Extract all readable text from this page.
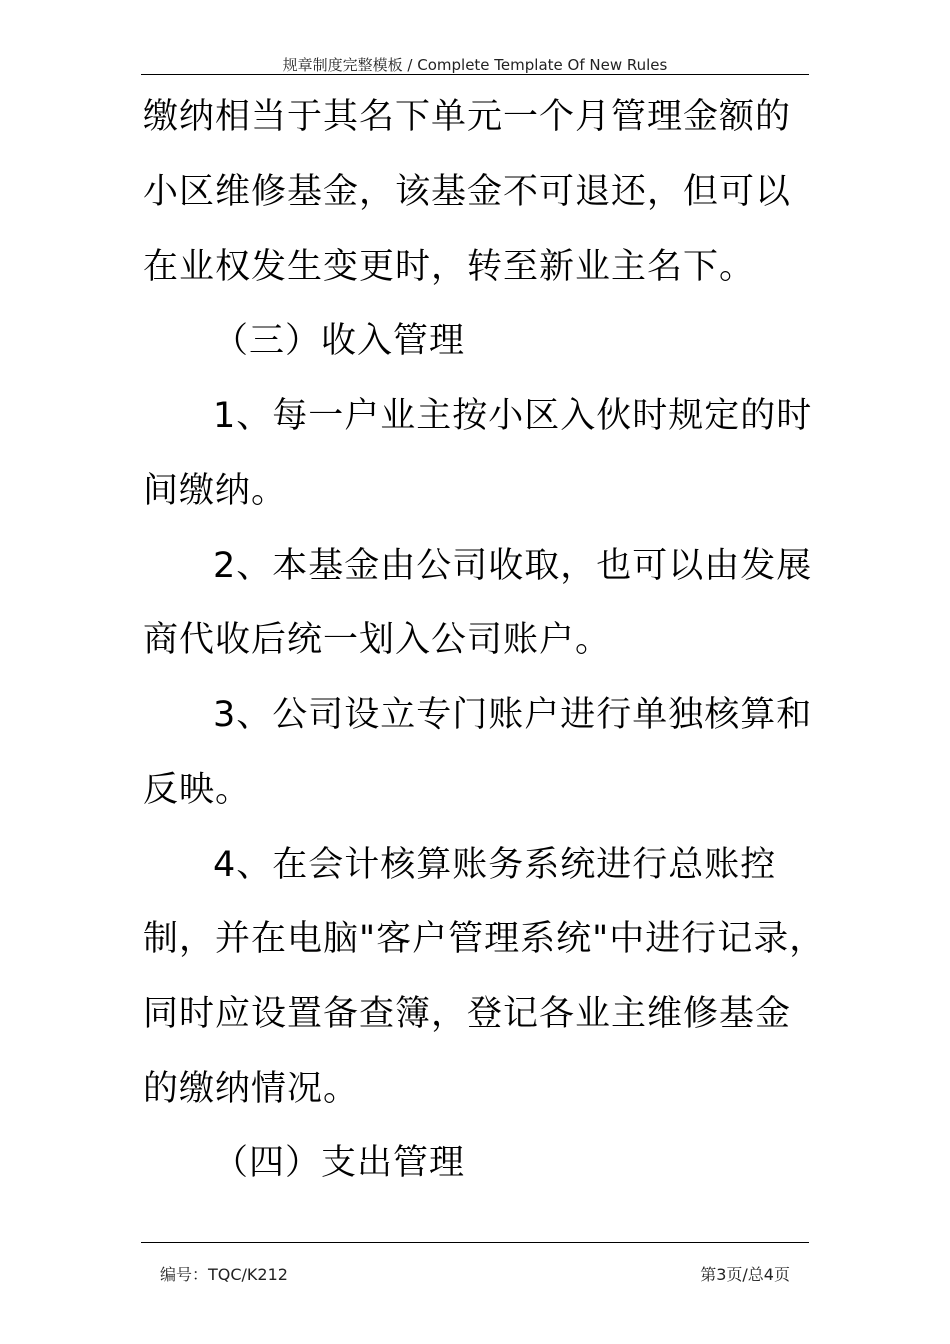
规章制度完整模板 / Complete Template Of New Rules
缴纳相当于其名下单元一个月管理金额的
小区维修基金，该基金不可退还，但可以
在业权发生变更时，转至新业主名下。
（三）收入管理
1、每一户业主按小区入伙时规定的时
间缴纳。
2、本基金由公司收取，也可以由发展
商代收后统一划入公司账户。
3、公司设立专门账户进行单独核算和
反映。
4、在会计核算账务系统进行总账控
制，并在电脑"客户管理系统"中进行记录，
同时应设置备查簿，登记各业主维修基金
的缴纳情况。
（四）支出管理
编号：TQC/K212	第3页/总4页
